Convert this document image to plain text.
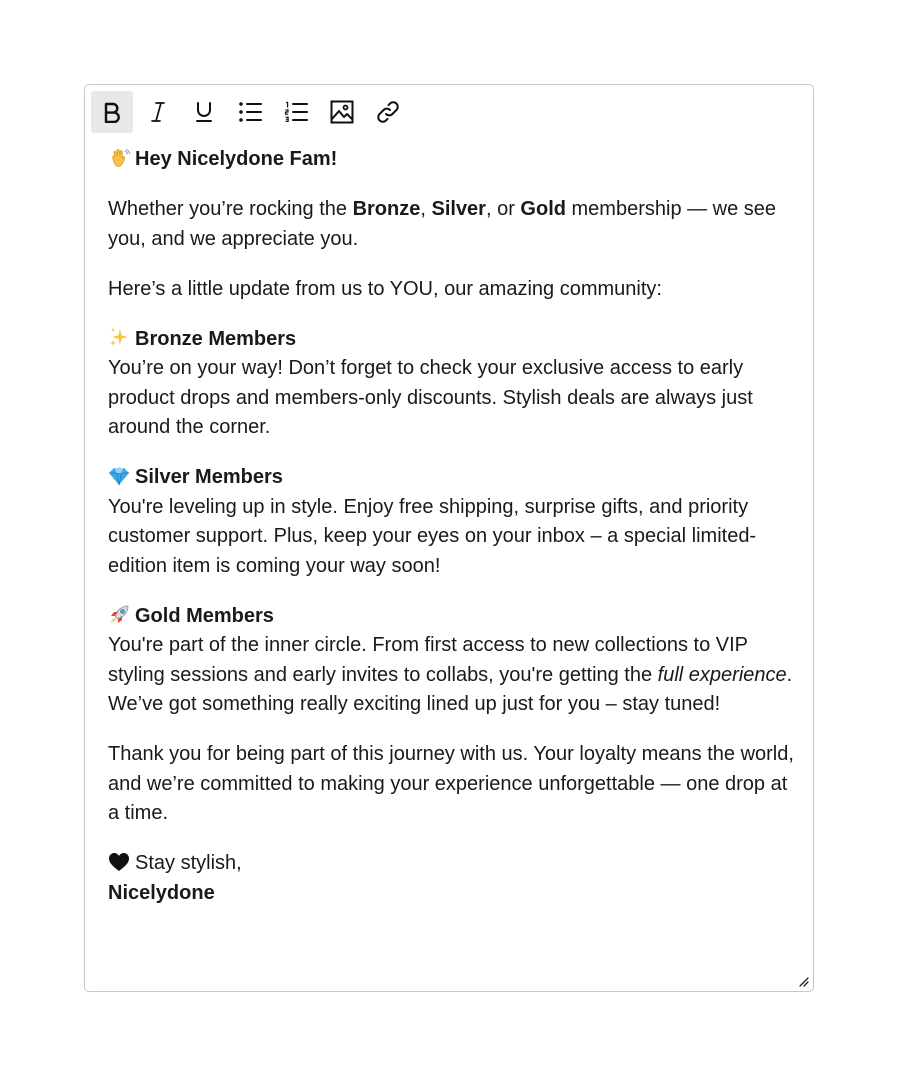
Hey Nicelydone Fam!

Whether you’re rocking the Bronze, Silver, or Gold membership — we see you, and we appreciate you.

Here’s a little update from us to YOU, our amazing community:

Bronze Members
You’re on your way! Don’t forget to check your exclusive access to early product drops and members-only discounts. Stylish deals are always just around the corner.

Silver Members
You're leveling up in style. Enjoy free shipping, surprise gifts, and priority customer support. Plus, keep your eyes on your inbox – a special limited-edition item is coming your way soon!

Gold Members
You're part of the inner circle. From first access to new collections to VIP styling sessions and early invites to collabs, you're getting the full experience. We’ve got something really exciting lined up just for you – stay tuned!

Thank you for being part of this journey with us. Your loyalty means the world, and we’re committed to making your experience unforgettable — one drop at a time.

Stay stylish,
Nicelydone
